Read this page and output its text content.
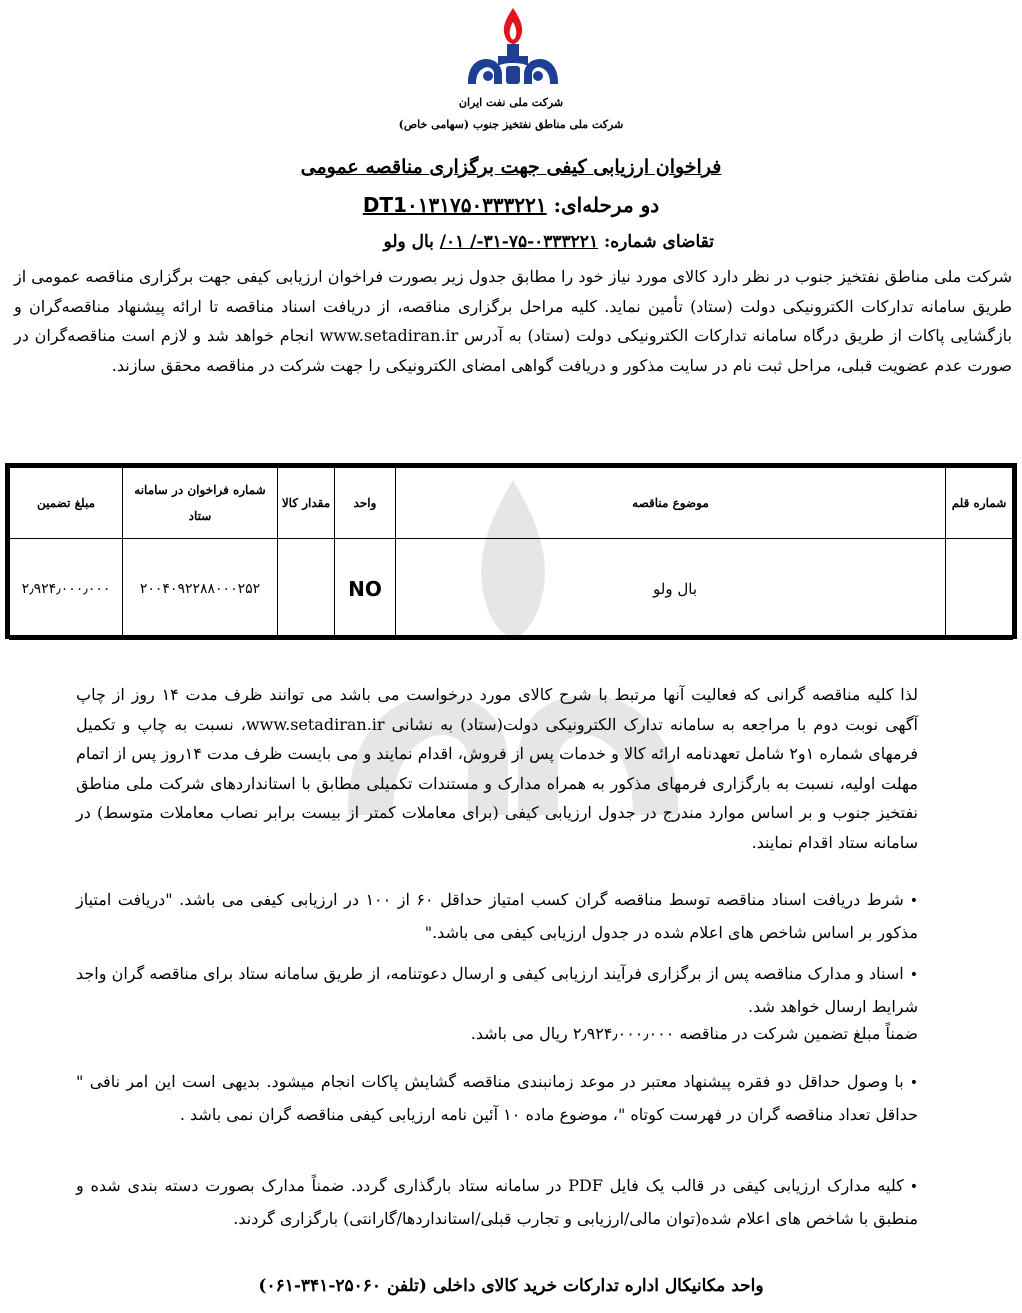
شرکت ملی نفت ایران
شرکت ملی مناطق نفتخیز جنوب (سهامی خاص)
فراخوان ارزیابی کیفی جهت برگزاری مناقصه عمومی
دو مرحله‌ای: DT1۰۱۳۱۷۵۰۳۳۳۲۲۱
تقاضای شماره: ۰۳۳۳۲۲۱-۷۵-۳۱-/ ۰۱/ بال ولو
شرکت ملی مناطق نفتخیز جنوب در نظر دارد کالای مورد نیاز خود را مطابق جدول زیر بصورت فراخوان ارزیابی کیفی جهت برگزاری مناقصه عمومی از طریق سامانه تدارکات الکترونیکی دولت (ستاد) تأمین نماید. کلیه مراحل برگزاری مناقصه، از دریافت اسناد مناقصه تا ارائه پیشنهاد مناقصه‌گران و بازگشایی پاکات از طریق درگاه سامانه تدارکات الکترونیکی دولت (ستاد) به آدرس www.setadiran.ir انجام خواهد شد و لازم است مناقصه‌گران در صورت عدم عضویت قبلی، مراحل ثبت نام در سایت مذکور و دریافت گواهی امضای الکترونیکی را جهت شرکت در مناقصه محقق سازند.
شماره قلم	موضوع مناقصه	واحد	مقدار کالا	شماره فراخوان در سامانه ستاد	مبلغ تضمین
	بال ولو	NO		۲۰۰۴۰۹۲۲۸۸۰۰۰۲۵۲	۲٫۹۲۴٫۰۰۰٫۰۰۰
لذا کلیه مناقصه گرانی که فعالیت آنها مرتبط با شرح کالای مورد درخواست می باشد می توانند ظرف مدت ۱۴ روز از چاپ آگهی نوبت دوم با مراجعه به سامانه تدارک الکترونیکی دولت(ستاد) به نشانی www.setadiran.ir، نسبت به چاپ و تکمیل فرمهای شماره ۱و۲ شامل تعهدنامه ارائه کالا و خدمات پس از فروش، اقدام نمایند و می بایست ظرف مدت ۱۴روز پس از اتمام مهلت اولیه، نسبت به بارگزاری فرمهای مذکور به همراه مدارک و مستندات تکمیلی مطابق با استانداردهای شرکت ملی مناطق نفتخیز جنوب و بر اساس موارد مندرج در جدول ارزیابی کیفی (برای معاملات کمتر از بیست برابر نصاب معاملات متوسط) در سامانه ستاد اقدام نمایند.
•شرط دریافت اسناد مناقصه توسط مناقصه گران کسب امتیاز حداقل ۶۰ از ۱۰۰ در ارزیابی کیفی می باشد. "دریافت امتیاز مذکور بر اساس شاخص های اعلام شده در جدول ارزیابی کیفی می باشد."
•اسناد و مدارک مناقصه پس از برگزاری فرآیند ارزیابی کیفی و ارسال دعوتنامه، از طریق سامانه ستاد برای مناقصه گران واجد شرایط ارسال خواهد شد.
ضمناً مبلغ تضمین شرکت در مناقصه ۲٫۹۲۴٫۰۰۰٫۰۰۰ ریال می باشد.
•با وصول حداقل دو فقره پیشنهاد معتبر در موعد زمانبندی مناقصه گشایش پاکات انجام میشود. بدیهی است این امر نافی " حداقل تعداد مناقصه گران در فهرست کوتاه "، موضوع ماده ۱۰ آئین نامه ارزیابی کیفی مناقصه گران نمی باشد .
•کلیه مدارک ارزیابی کیفی در قالب یک فایل PDF در سامانه ستاد بارگذاری گردد. ضمناً مدارک بصورت دسته بندی شده و منطبق با شاخص های اعلام شده(توان مالی/ارزیابی و تجارب قبلی/استانداردها/گارانتی) بارگزاری گردند.
واحد مکانیکال اداره تدارکات خرید کالای داخلی (تلفن ۲۵۰۶۰-۳۴۱-۰۶۱)
